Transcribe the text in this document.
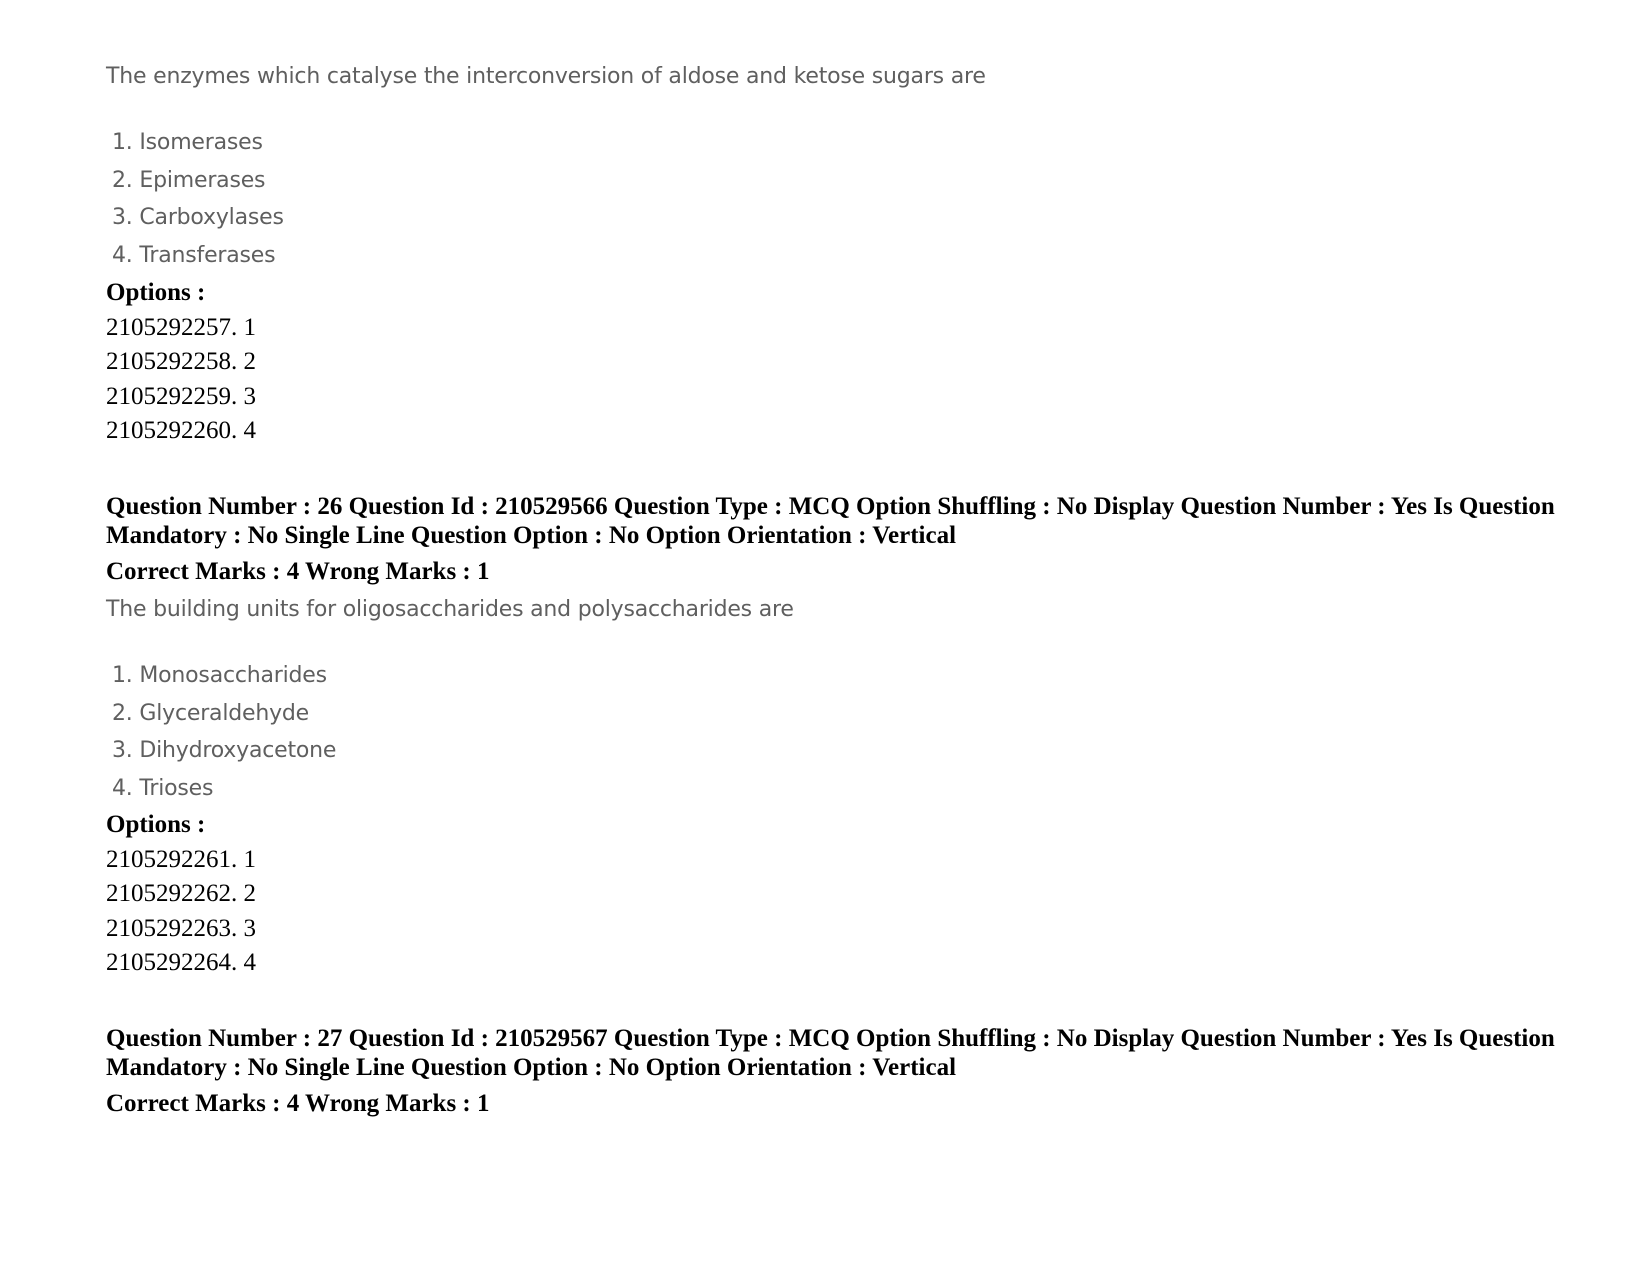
The enzymes which catalyse the interconversion of aldose and ketose sugars are
1. Isomerases
2. Epimerases
3. Carboxylases
4. Transferases
Options :
2105292257. 1
2105292258. 2
2105292259. 3
2105292260. 4
Question Number : 26 Question Id : 210529566 Question Type : MCQ Option Shuffling : No Display Question Number : Yes Is Question
Mandatory : No Single Line Question Option : No Option Orientation : Vertical
Correct Marks : 4 Wrong Marks : 1
The building units for oligosaccharides and polysaccharides are
1. Monosaccharides
2. Glyceraldehyde
3. Dihydroxyacetone
4. Trioses
Options :
2105292261. 1
2105292262. 2
2105292263. 3
2105292264. 4
Question Number : 27 Question Id : 210529567 Question Type : MCQ Option Shuffling : No Display Question Number : Yes Is Question
Mandatory : No Single Line Question Option : No Option Orientation : Vertical
Correct Marks : 4 Wrong Marks : 1
